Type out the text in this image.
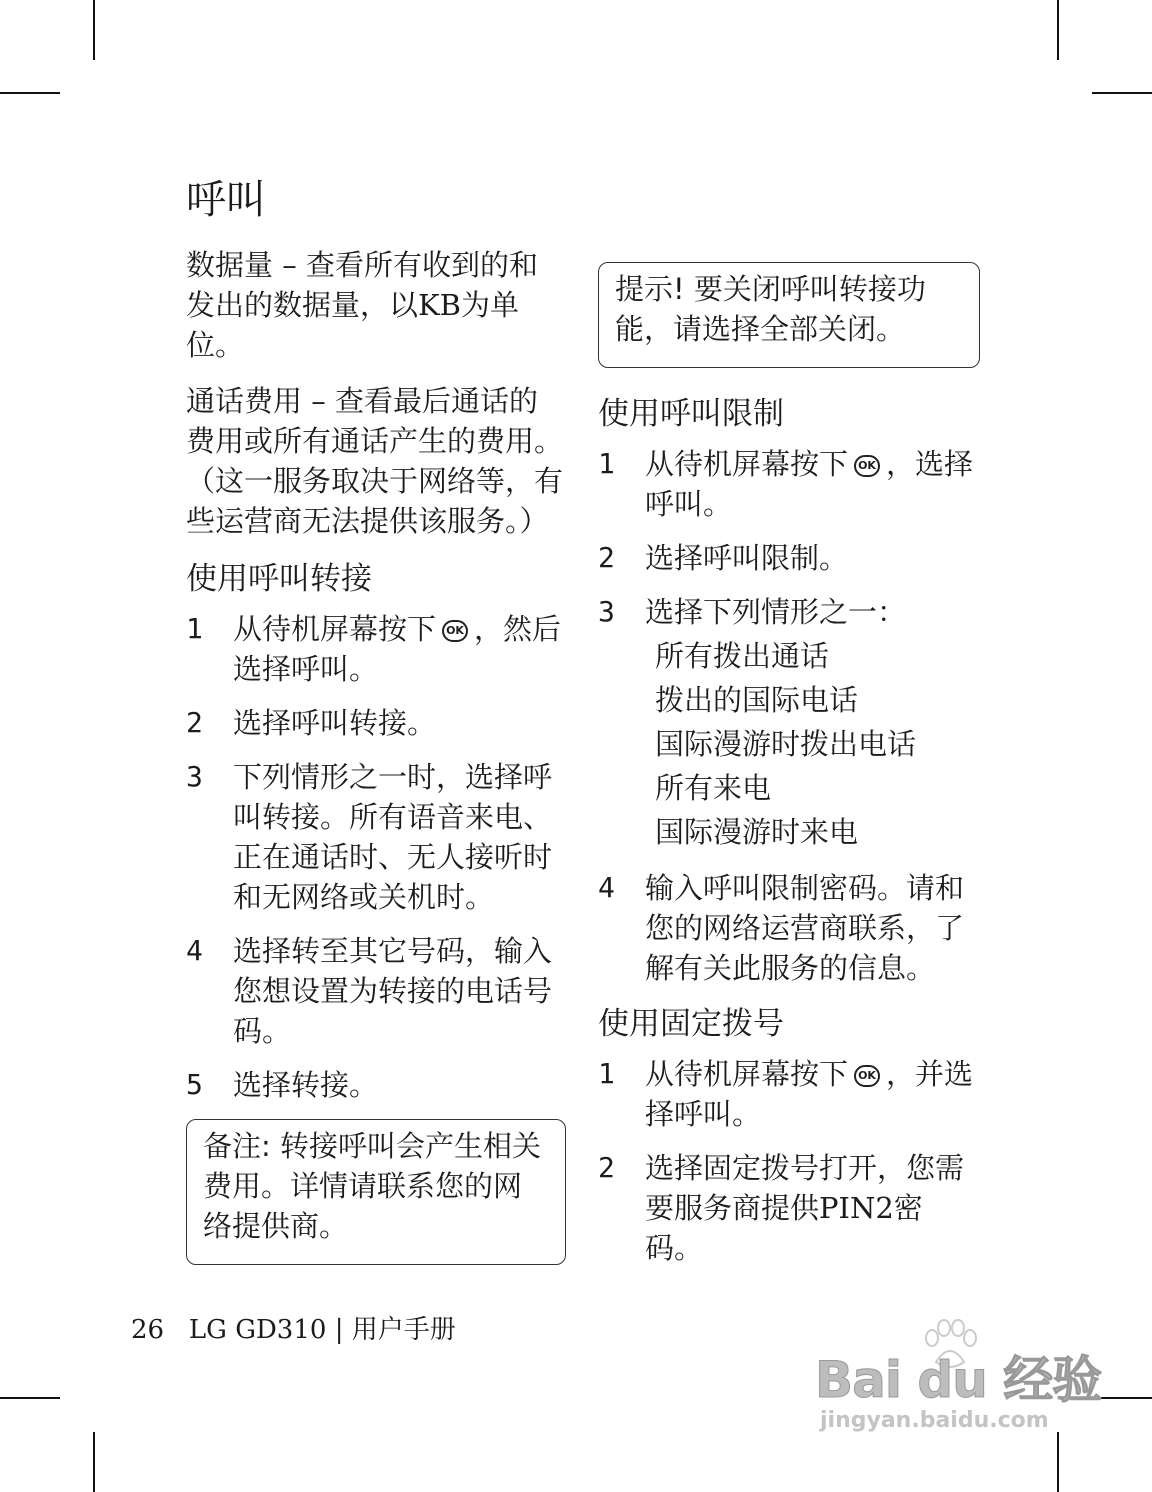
呼叫

数据量 – 查看所有收到的和发出的数据量，以KB为单位。

通话费用 – 查看最后通话的费用或所有通话产生的费用。（这一服务取决于网络等，有些运营商无法提供该服务。）

使用呼叫转接
1	从待机屏幕按下 OK ，然后选择呼叫。
2	选择呼叫转接。
3	下列情形之一时，选择呼叫转接。所有语音来电、正在通话时、无人接听时和无网络或关机时。
4	选择转至其它号码，输入您想设置为转接的电话号码。
5	选择转接。
备注: 转接呼叫会产生相关费用。详情请联系您的网络提供商。
提示! 要关闭呼叫转接功能，请选择全部关闭。
使用呼叫限制
1	从待机屏幕按下 OK ，选择呼叫。
2	选择呼叫限制。
3	选择下列情形之一：
所有拨出通话
拨出的国际电话
国际漫游时拨出电话
所有来电
国际漫游时来电
4	输入呼叫限制密码。请和您的网络运营商联系，了解有关此服务的信息。
使用固定拨号
1	从待机屏幕按下 OK ，并选择呼叫。
2	选择固定拨号打开，您需要服务商提供PIN2密码。
26 LG GD310 | 用户手册
Bai du 经验
jingyan.baidu.com
